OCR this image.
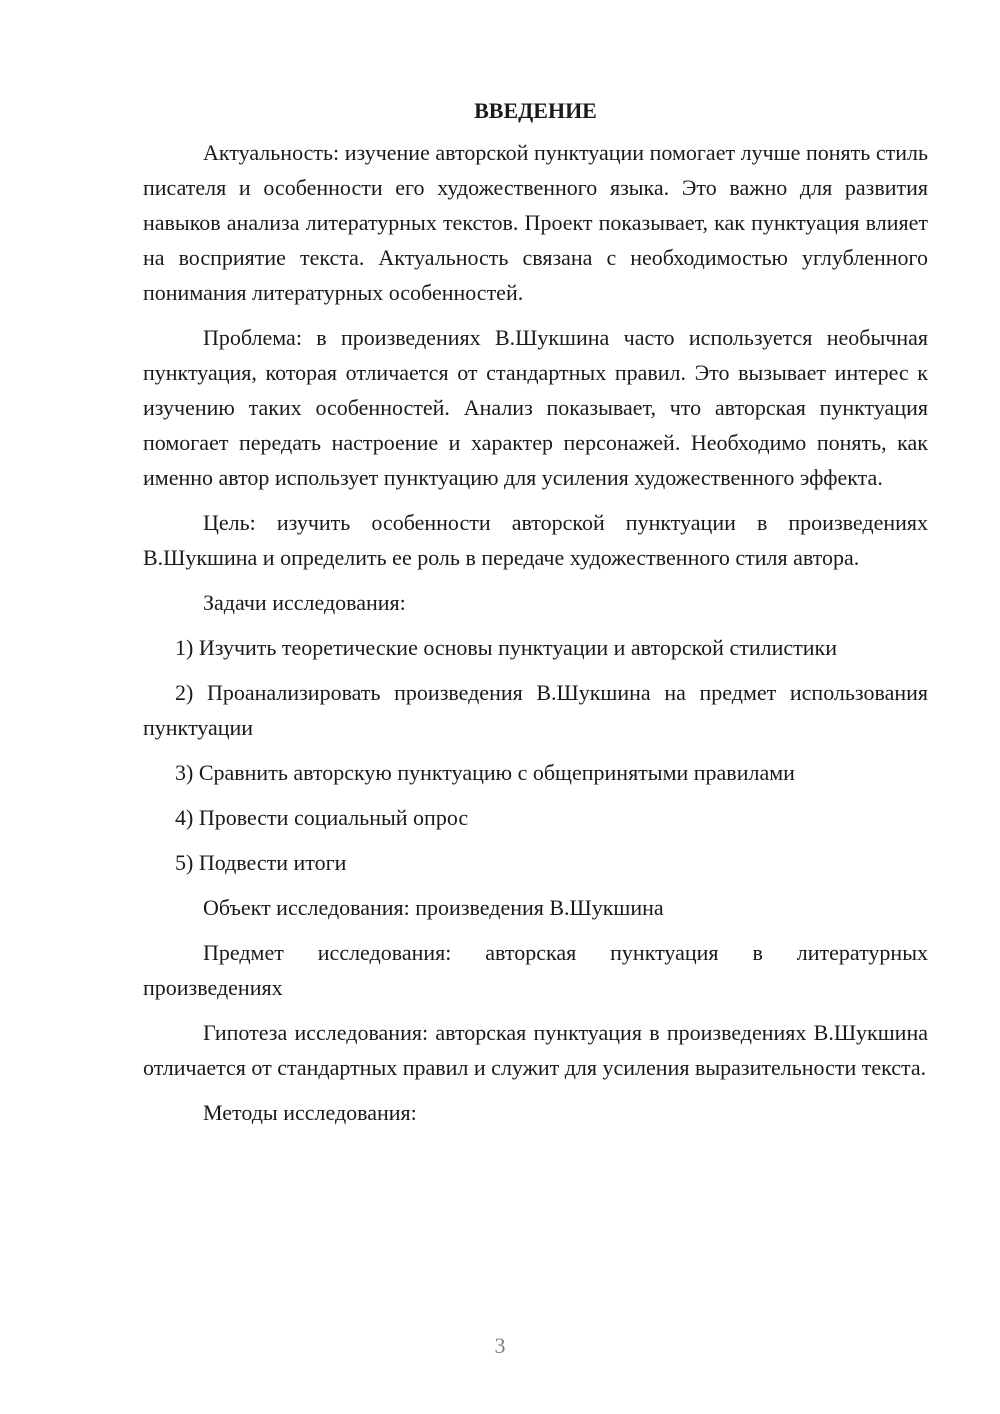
ВВЕДЕНИЕ

Актуальность: изучение авторской пунктуации помогает лучше понять стиль писателя и особенности его художественного языка. Это важно для развития навыков анализа литературных текстов. Проект показывает, как пунктуация влияет на восприятие текста. Актуальность связана с необходимостью углубленного понимания литературных особенностей.

Проблема: в произведениях В.Шукшина часто используется необычная пунктуация, которая отличается от стандартных правил. Это вызывает интерес к изучению таких особенностей. Анализ показывает, что авторская пунктуация помогает передать настроение и характер персонажей. Необходимо понять, как именно автор использует пунктуацию для усиления художественного эффекта.

Цель: изучить особенности авторской пунктуации в произведениях В.Шукшина и определить ее роль в передаче художественного стиля автора.

Задачи исследования:

1) Изучить теоретические основы пунктуации и авторской стилистики

2) Проанализировать произведения В.Шукшина на предмет использования пунктуации

3) Сравнить авторскую пунктуацию с общепринятыми правилами

4) Провести социальный опрос

5) Подвести итоги

Объект исследования: произведения В.Шукшина

Предмет исследования: авторская пунктуация в литературных произведениях

Гипотеза исследования: авторская пунктуация в произведениях В.Шукшина отличается от стандартных правил и служит для усиления выразительности текста.

Методы исследования:

3
